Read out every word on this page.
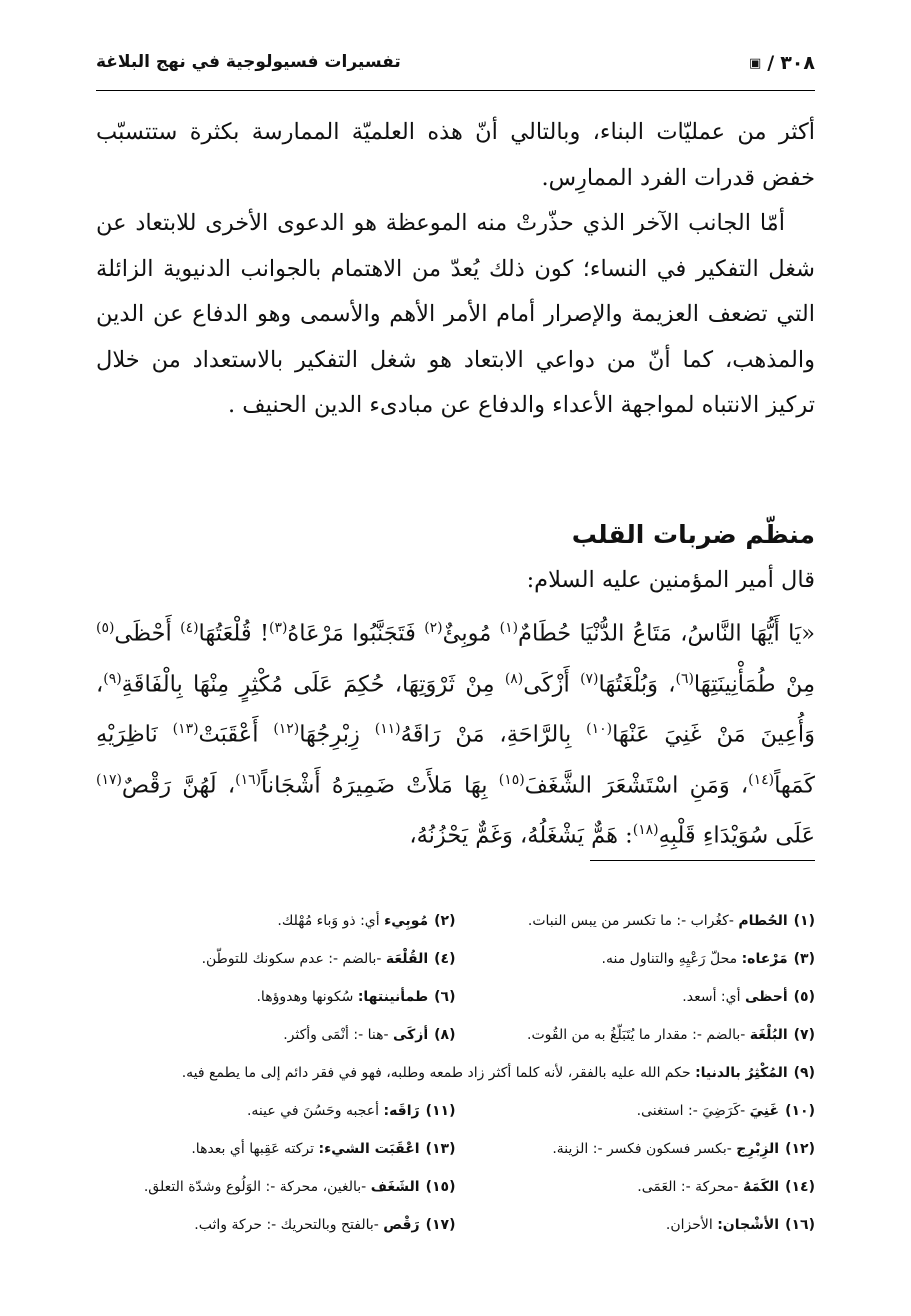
٣٠٨
/
▣
تفسيرات فسيولوجية في نهج البلاغة

أكثر من عمليّات البناء، وبالتالي أنّ هذه العلميّة الممارسة بكثرة ستتسبّب خفض قدرات الفرد الممارِس.

أمّا الجانب الآخر الذي حذّرتْ منه الموعظة هو الدعوى الأخرى للابتعاد عن شغل التفكير في النساء؛ كون ذلك يُعدّ من الاهتمام بالجوانب الدنيوية الزائلة التي تضعف العزيمة والإصرار أمام الأمر الأهم والأسمى وهو الدفاع عن الدين والمذهب، كما أنّ من دواعي الابتعاد هو شغل التفكير بالاستعداد من خلال تركيز الانتباه لمواجهة الأعداء والدفاع عن مبادىء الدين الحنيف .

منظّم ضربات القلب
قال أمير المؤمنين عليه السلام:
«يَا أَيُّهَا النَّاسُ، مَتَاعُ الدُّنْيَا حُطَامٌ$^{(١)}$ مُوبِئٌ$^{(٢)}$ فَتَجَنَّبُوا مَرْعَاهُ$^{(٣)}$! قُلْعَتُهَا$^{(٤)}$ أَحْظَى$^{(٥)}$ مِنْ طُمَأْنِينَتِهَا$^{(٦)}$، وَبُلْغَتُهَا$^{(٧)}$ أَزْكَى$^{(٨)}$ مِنْ ثَرْوَتِهَا، حُكِمَ عَلَى مُكْثِرٍ مِنْهَا بِالْفَاقَةِ$^{(٩)}$، وَأُعِينَ مَنْ غَنِيَ عَنْهَا$^{(١٠)}$ بِالرَّاحَةِ، مَنْ رَاقَهُ$^{(١١)}$ زِبْرِجُهَا$^{(١٢)}$ أَعْقَبَتْ$^{(١٣)}$ نَاظِرَيْهِ كَمَهاً$^{(١٤)}$، وَمَنِ اسْتَشْعَرَ الشَّغَفَ$^{(١٥)}$ بِهَا مَلأَتْ ضَمِيرَهُ أَشْجَاناً$^{(١٦)}$، لَهُنَّ رَقْصٌ$^{(١٧)}$ عَلَى سُوَيْدَاءِ قَلْبِهِ$^{(١٨)}$: هَمٌّ يَشْغَلُهُ، وَغَمٌّ يَحْزُنُهُ،
(١)الحُطام -كغُراب -: ما تكسر من يبس النبات.
(٢)مُوبِيء أي: ذو وَباء مُهْلك.
(٣)مَرْعاه: محلّ رَعْيِهِ والتناول منه.
(٤)القُلْعَة -بالضم -: عدم سكونك للتوطّن.
(٥)أحظى أي: أسعد.
(٦)طمأنينتها: سُكونها وهدوؤها.
(٧)البُلْغَة -بالضم -: مقدار ما يُتَبَلّغُ به من القُوت.
(٨)أزكَى -هنا -: أنْمَى وأكثر.
(٩)المُكْثِرُ بالدنيا: حكم الله عليه بالفقر، لأنه كلما أكثر زاد طمعه وطلبه، فهو في فقر دائم إلى ما يطمع فيه.
(١٠)غَنِيَ -كَرَضِيَ -: استغنى.
(١١)رَاقَه: أعجبه وحَسُنَ في عينه.
(١٢)الزِبْرِج -بكسر فسكون فكسر -: الزينة.
(١٣)اعْقَبَت الشيء: تركته عَقِبها أي بعدها.
(١٤)الكَمَهُ -محركة -: العَمَى.
(١٥)الشَغَف -بالغين، محركة -: الوَلُوع وشدّة التعلق.
(١٦)الأشْجان: الأحزان.
(١٧)رَقْص -بالفتح وبالتحريك -: حركة واثب.
